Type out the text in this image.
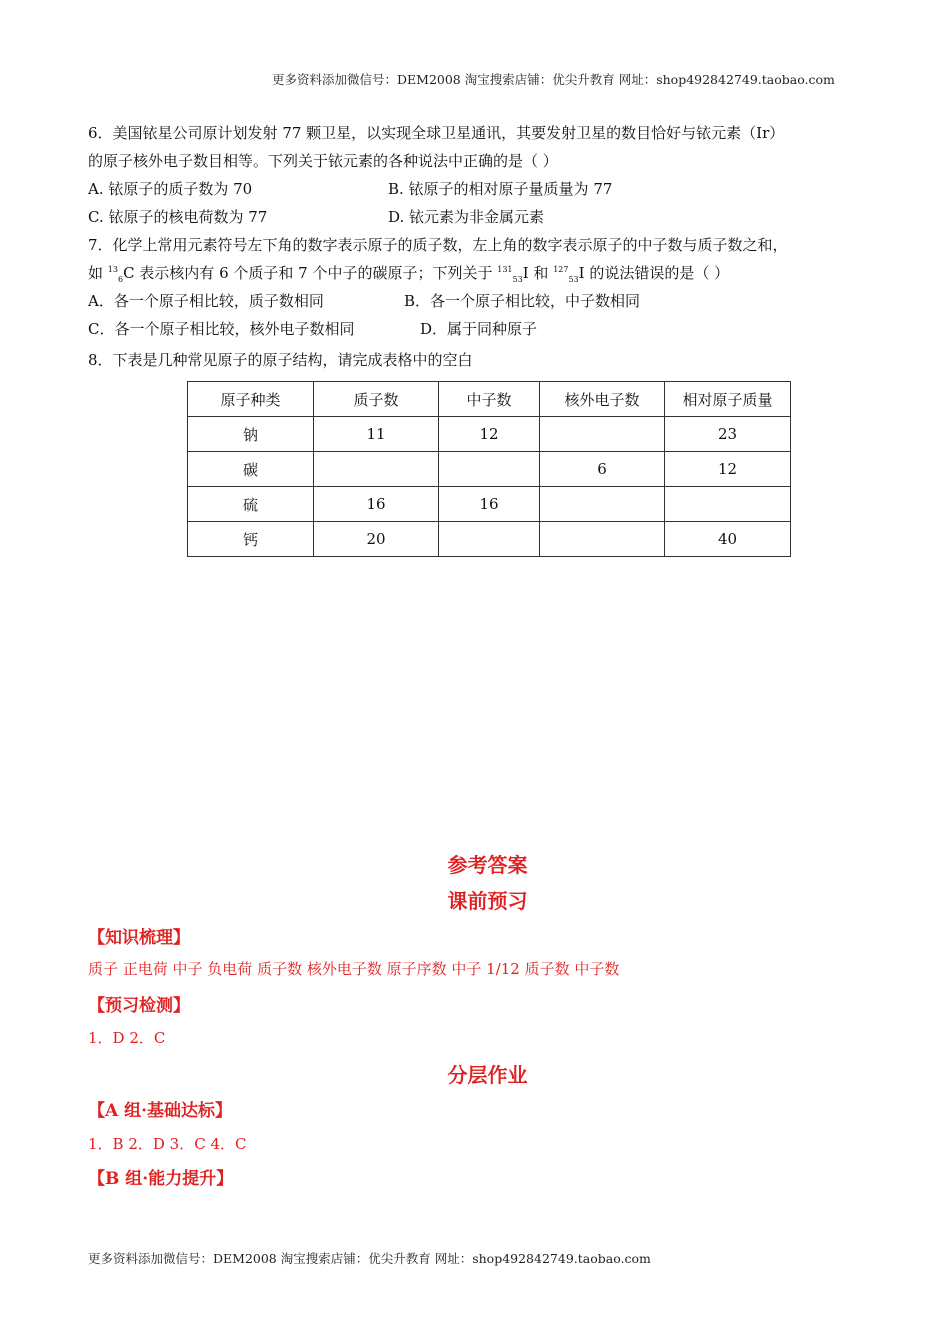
更多资料添加微信号：DEM2008 淘宝搜索店铺：优尖升教育 网址：shop492842749.taobao.com
6．美国铱星公司原计划发射 77 颗卫星，以实现全球卫星通讯，其要发射卫星的数目恰好与铱元素（Ir）
的原子核外电子数目相等。下列关于铱元素的各种说法中正确的是（ ）
A. 铱原子的质子数为 70	B. 铱原子的相对原子量质量为 77
C. 铱原子的核电荷数为 77	D. 铱元素为非金属元素
7．化学上常用元素符号左下角的数字表示原子的质子数，左上角的数字表示原子的中子数与质子数之和，
如 $^{13}_6$C 表示核内有 6 个质子和 7 个中子的碳原子；下列关于 $^{131}_{53}$I 和 $^{127}_{53}$I 的说法错误的是（ ）
A．各一个原子相比较，质子数相同	B．各一个原子相比较，中子数相同
C．各一个原子相比较，核外电子数相同	D．属于同种原子
8．下表是几种常见原子的原子结构，请完成表格中的空白
原子种类	质子数	中子数	核外电子数	相对原子质量
钠	11	12		23
碳			6	12
硫	16	16		
钙	20			40
参考答案
课前预习
【知识梳理】
质子 正电荷 中子 负电荷 质子数 核外电子数 原子序数 中子 1/12 质子数 中子数
【预习检测】
1．D 2．C
分层作业
【A 组·基础达标】
1．B 2．D 3．C 4．C
【B 组·能力提升】
更多资料添加微信号：DEM2008 淘宝搜索店铺：优尖升教育 网址：shop492842749.taobao.com
